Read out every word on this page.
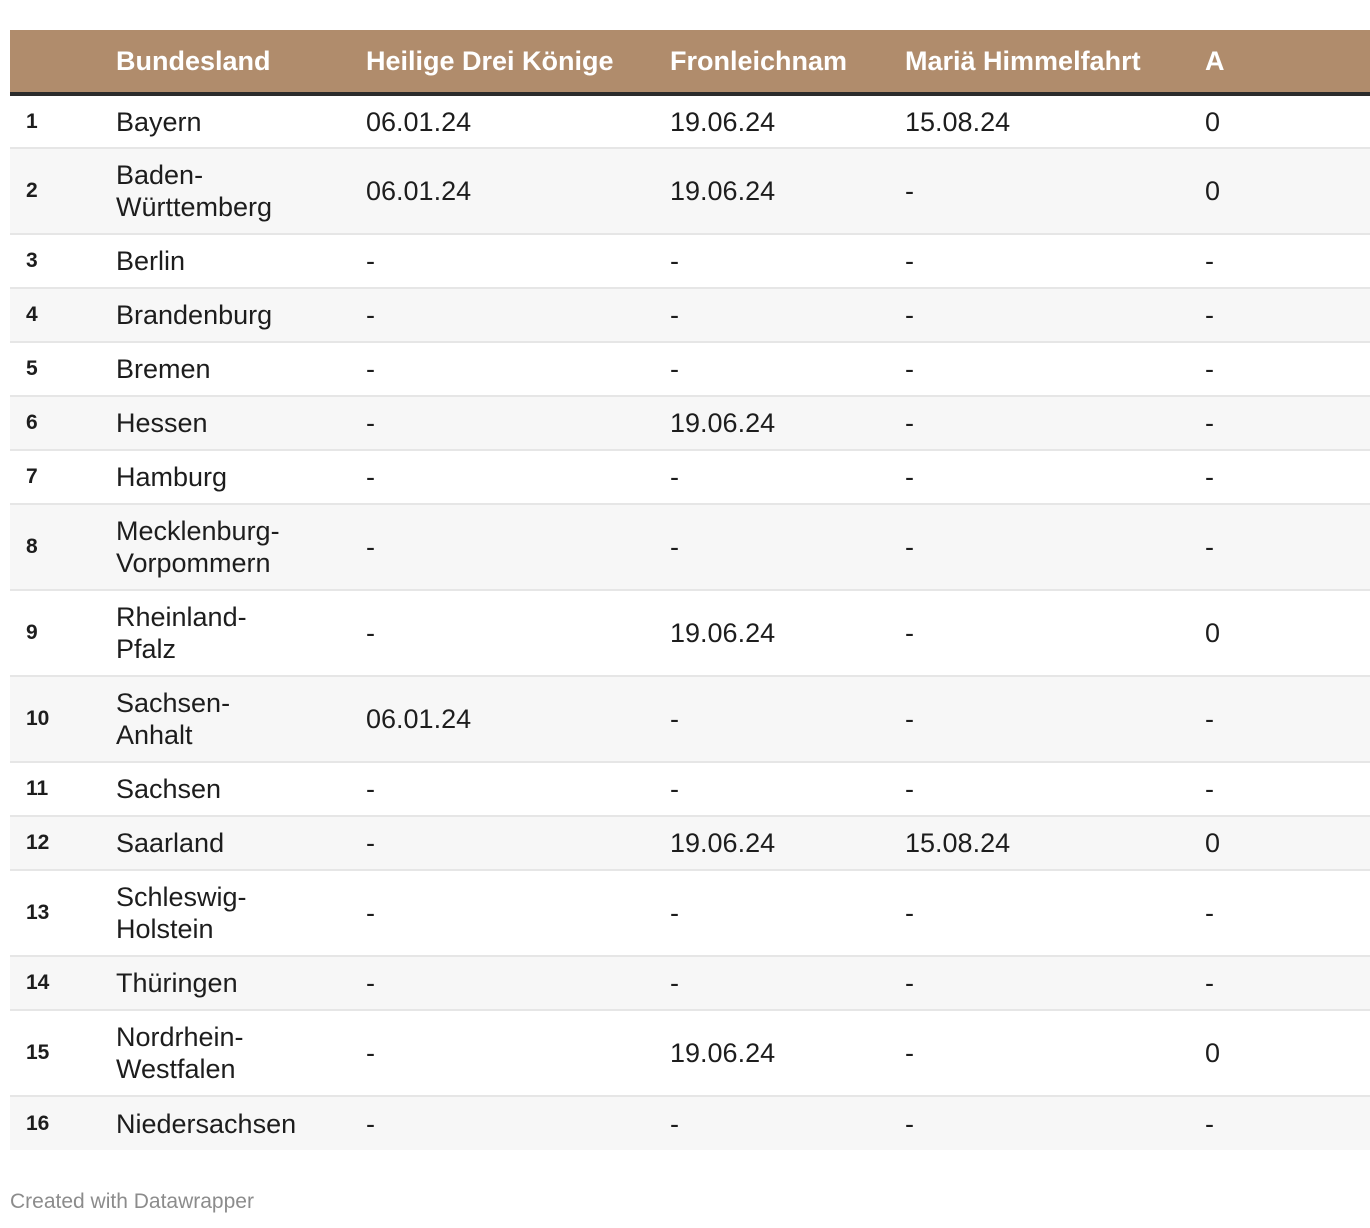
	Bundesland	Heilige Drei Könige	Fronleichnam	Mariä Himmelfahrt	A
1	Bayern	06.01.24	19.06.24	15.08.24	0
2	Baden-
Württemberg	06.01.24	19.06.24	-	0
3	Berlin	-	-	-	-
4	Brandenburg	-	-	-	-
5	Bremen	-	-	-	-
6	Hessen	-	19.06.24	-	-
7	Hamburg	-	-	-	-
8	Mecklenburg-
Vorpommern	-	-	-	-
9	Rheinland-
Pfalz	-	19.06.24	-	0
10	Sachsen-
Anhalt	06.01.24	-	-	-
11	Sachsen	-	-	-	-
12	Saarland	-	19.06.24	15.08.24	0
13	Schleswig-
Holstein	-	-	-	-
14	Thüringen	-	-	-	-
15	Nordrhein-
Westfalen	-	19.06.24	-	0
16	Niedersachsen	-	-	-	-
Created with Datawrapper
